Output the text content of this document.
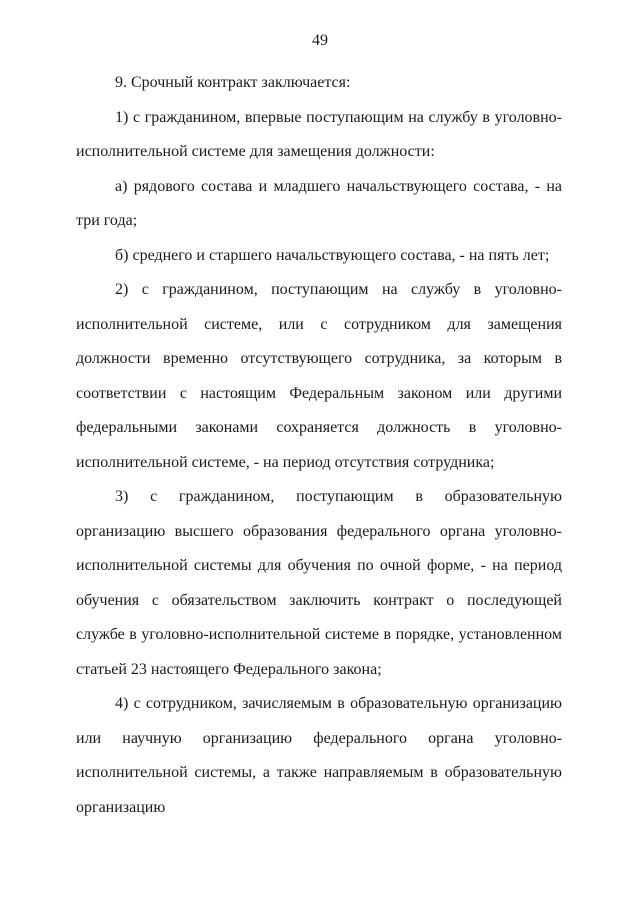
49

9. Срочный контракт заключается:

1) с гражданином, впервые поступающим на службу в уголовно-исполнительной системе для замещения должности:

а) рядового состава и младшего начальствующего состава, - на три года;

б) среднего и старшего начальствующего состава, - на пять лет;

2) с гражданином, поступающим на службу в уголовно-исполнительной системе, или с сотрудником для замещения должности временно отсутствующего сотрудника, за которым в соответствии с настоящим Федеральным законом или другими федеральными законами сохраняется должность в уголовно-исполнительной системе, - на период отсутствия сотрудника;

3) с гражданином, поступающим в образовательную организацию высшего образования федерального органа уголовно-исполнительной системы для обучения по очной форме, - на период обучения с обязательством заключить контракт о последующей службе в уголовно-исполнительной системе в порядке, установленном статьей 23 настоящего Федерального закона;

4) с сотрудником, зачисляемым в образовательную организацию или научную организацию федерального органа уголовно-исполнительной системы, а также направляемым в образовательную организацию
